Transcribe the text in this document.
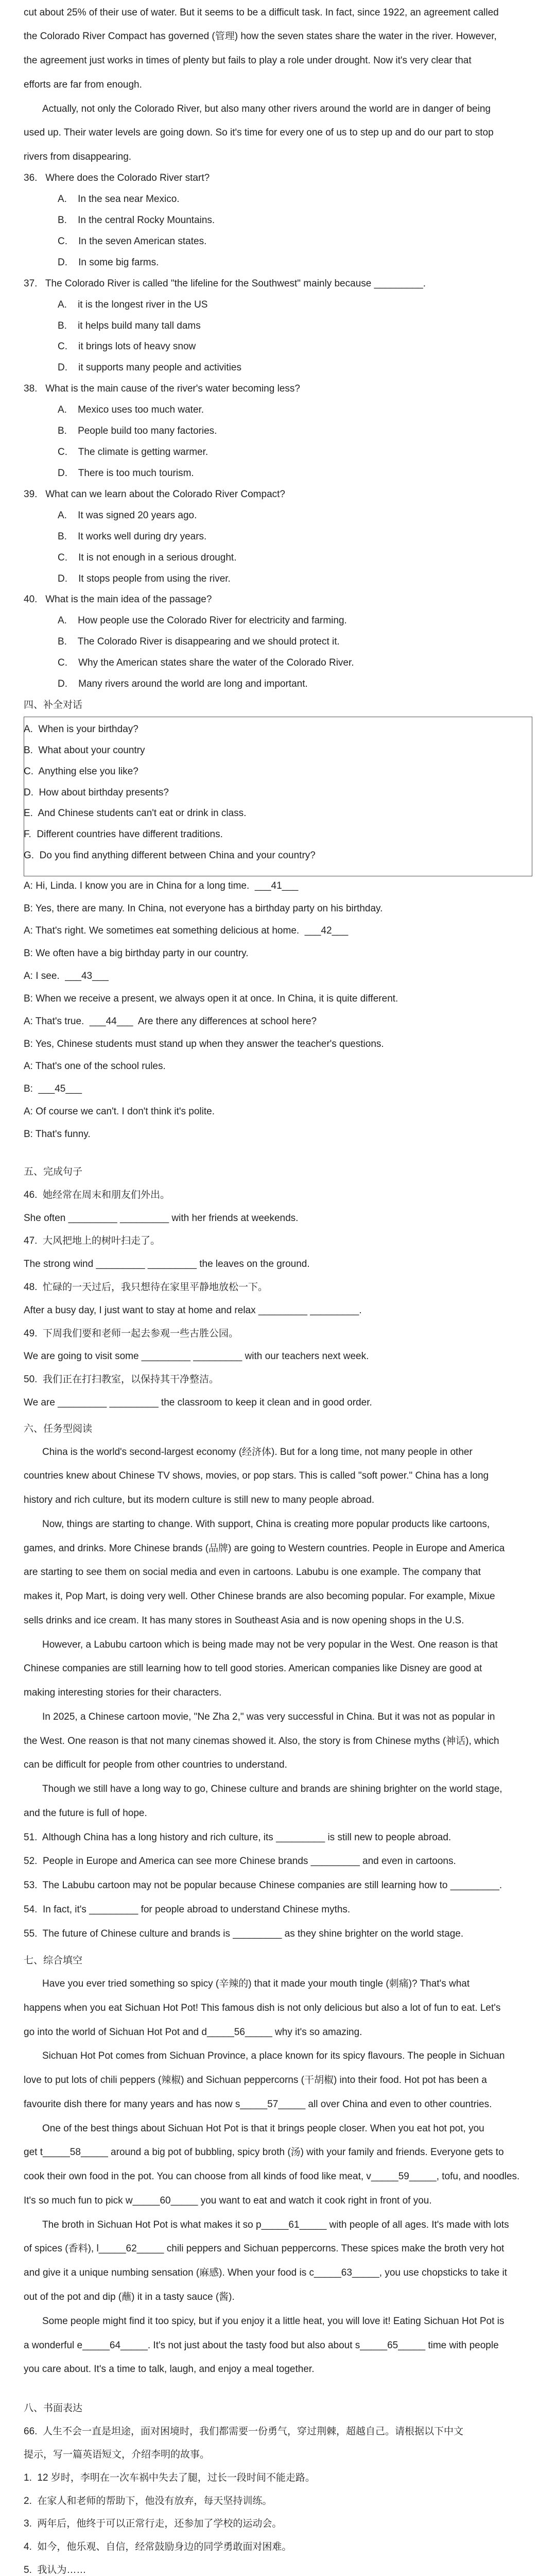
cut about 25% of their use of water. But it seems to be a difficult task. In fact, since 1922, an agreement called
the Colorado River Compact has governed (管理) how the seven states share the water in the river. However,
the agreement just works in times of plenty but fails to play a role under drought. Now it's very clear that
efforts are far from enough.
Actually, not only the Colorado River, but also many other rivers around the world are in danger of being
used up. Their water levels are going down. So it's time for every one of us to step up and do our part to stop
rivers from disappearing.
36.   Where does the Colorado River start?
A.    In the sea near Mexico.
B.    In the central Rocky Mountains.
C.    In the seven American states.
D.    In some big farms.
37.   The Colorado River is called "the lifeline for the Southwest" mainly because _________.
A.    it is the longest river in the US
B.    it helps build many tall dams
C.    it brings lots of heavy snow
D.    it supports many people and activities
38.   What is the main cause of the river's water becoming less?
A.    Mexico uses too much water.
B.    People build too many factories.
C.    The climate is getting warmer.
D.    There is too much tourism.
39.   What can we learn about the Colorado River Compact?
A.    It was signed 20 years ago.
B.    It works well during dry years.
C.    It is not enough in a serious drought.
D.    It stops people from using the river.
40.   What is the main idea of the passage?
A.    How people use the Colorado River for electricity and farming.
B.    The Colorado River is disappearing and we should protect it.
C.    Why the American states share the water of the Colorado River.
D.    Many rivers around the world are long and important.
四、补全对话
A.  When is your birthday?
B.  What about your country
C.  Anything else you like?
D.  How about birthday presents?
E.  And Chinese students can't eat or drink in class.
F.  Different countries have different traditions.
G.  Do you find anything different between China and your country?
A: Hi, Linda. I know you are in China for a long time.  ___41___
B: Yes, there are many. In China, not everyone has a birthday party on his birthday.
A: That's right. We sometimes eat something delicious at home.  ___42___
B: We often have a big birthday party in our country.
A: I see.  ___43___
B: When we receive a present, we always open it at once. In China, it is quite different.
A: That's true.  ___44___  Are there any differences at school here?
B: Yes, Chinese students must stand up when they answer the teacher's questions.
A: That's one of the school rules.
B:  ___45___
A: Of course we can't. I don't think it's polite.
B: That's funny.
五、完成句子
46.  她经常在周末和朋友们外出。
She often _________ _________ with her friends at weekends.
47.  大风把地上的树叶扫走了。
The strong wind _________ _________ the leaves on the ground.
48.  忙碌的一天过后，我只想待在家里平静地放松一下。
After a busy day, I just want to stay at home and relax _________ _________.
49.  下周我们要和老师一起去参观一些古胜公园。
We are going to visit some _________ _________ with our teachers next week.
50.  我们正在打扫教室，以保持其干净整洁。
We are _________ _________ the classroom to keep it clean and in good order.
六、任务型阅读
China is the world's second-largest economy (经济体). But for a long time, not many people in other
countries knew about Chinese TV shows, movies, or pop stars. This is called "soft power." China has a long
history and rich culture, but its modern culture is still new to many people abroad.
Now, things are starting to change. With support, China is creating more popular products like cartoons,
games, and drinks. More Chinese brands (品牌) are going to Western countries. People in Europe and America
are starting to see them on social media and even in cartoons. Labubu is one example. The company that
makes it, Pop Mart, is doing very well. Other Chinese brands are also becoming popular. For example, Mixue
sells drinks and ice cream. It has many stores in Southeast Asia and is now opening shops in the U.S.
However, a Labubu cartoon which is being made may not be very popular in the West. One reason is that
Chinese companies are still learning how to tell good stories. American companies like Disney are good at
making interesting stories for their characters.
In 2025, a Chinese cartoon movie, "Ne Zha 2," was very successful in China. But it was not as popular in
the West. One reason is that not many cinemas showed it. Also, the story is from Chinese myths (神话), which
can be difficult for people from other countries to understand.
Though we still have a long way to go, Chinese culture and brands are shining brighter on the world stage,
and the future is full of hope.
51.  Although China has a long history and rich culture, its _________ is still new to people abroad.
52.  People in Europe and America can see more Chinese brands _________ and even in cartoons.
53.  The Labubu cartoon may not be popular because Chinese companies are still learning how to _________.
54.  In fact, it's _________ for people abroad to understand Chinese myths.
55.  The future of Chinese culture and brands is _________ as they shine brighter on the world stage.
七、综合填空
Have you ever tried something so spicy (辛辣的) that it made your mouth tingle (刺痛)? That's what
happens when you eat Sichuan Hot Pot! This famous dish is not only delicious but also a lot of fun to eat. Let's
go into the world of Sichuan Hot Pot and d_____56_____ why it's so amazing.
Sichuan Hot Pot comes from Sichuan Province, a place known for its spicy flavours. The people in Sichuan
love to put lots of chili peppers (辣椒) and Sichuan peppercorns (干胡椒) into their food. Hot pot has been a
favourite dish there for many years and has now s_____57_____ all over China and even to other countries.
One of the best things about Sichuan Hot Pot is that it brings people closer. When you eat hot pot, you
get t_____58_____ around a big pot of bubbling, spicy broth (汤) with your family and friends. Everyone gets to
cook their own food in the pot. You can choose from all kinds of food like meat, v_____59_____, tofu, and noodles.
It's so much fun to pick w_____60_____ you want to eat and watch it cook right in front of you.
The broth in Sichuan Hot Pot is what makes it so p_____61_____ with people of all ages. It's made with lots
of spices (香料), l_____62_____ chili peppers and Sichuan peppercorns. These spices make the broth very hot
and give it a unique numbing sensation (麻感). When your food is c_____63_____, you use chopsticks to take it
out of the pot and dip (蘸) it in a tasty sauce (酱).
Some people might find it too spicy, but if you enjoy it a little heat, you will love it! Eating Sichuan Hot Pot is
a wonderful e_____64_____. It's not just about the tasty food but also about s_____65_____ time with people
you care about. It's a time to talk, laugh, and enjoy a meal together.
八、书面表达
66.  人生不会一直是坦途，面对困境时，我们都需要一份勇气，穿过荆棘，超越自己。请根据以下中文
提示，写一篇英语短文，介绍李明的故事。
1.  12 岁时，李明在一次车祸中失去了腿，过长一段时间不能走路。
2.  在家人和老师的帮助下，他没有放弃，每天坚持训练。
3.  两年后，他终于可以正常行走，还参加了学校的运动会。
4.  如今，他乐观、自信，经常鼓励身边的同学勇敢面对困难。
5.  我认为……
